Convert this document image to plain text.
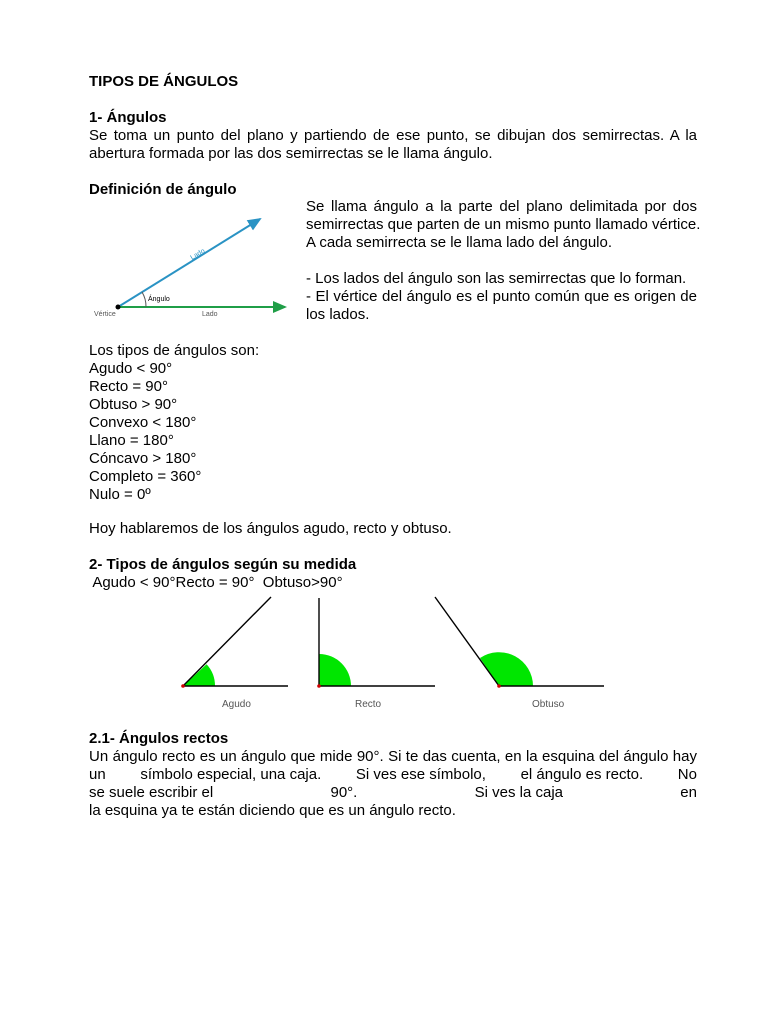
TIPOS DE ÁNGULOS
1- Ángulos
Se toma un punto del plano y partiendo de ese punto, se dibujan dos semirrectas. A la
abertura formada por las dos semirrectas se le llama ángulo.
Definición de ángulo
Lado
Ángulo
Vértice	Lado
Se llama ángulo a la parte del plano delimitada por dos
semirrectas que parten de un mismo punto llamado vértice.
A cada semirrecta se le llama lado del ángulo.
- Los lados del ángulo son las semirrectas que lo forman.
- El vértice del ángulo es el punto común que es origen de
los lados.
Los tipos de ángulos son:
Agudo < 90°
Recto = 90°
Obtuso > 90°
Convexo < 180°
Llano = 180°
Cóncavo > 180°
Completo = 360°
Nulo = 0º
Hoy hablaremos de los ángulos agudo, recto y obtuso.
2- Tipos de ángulos según su medida
Agudo < 90°Recto = 90°  Obtuso>90°
Agudo	Recto	Obtuso
2.1- Ángulos rectos
Un ángulo recto es un ángulo que mide 90°. Si te das cuenta, en la esquina del ángulo hay
un símbolo especial, una caja. Si ves ese símbolo, el ángulo es recto. No
se suele escribir el	90°.	Si ves la caja	en
la esquina ya te están diciendo que es un ángulo recto.
